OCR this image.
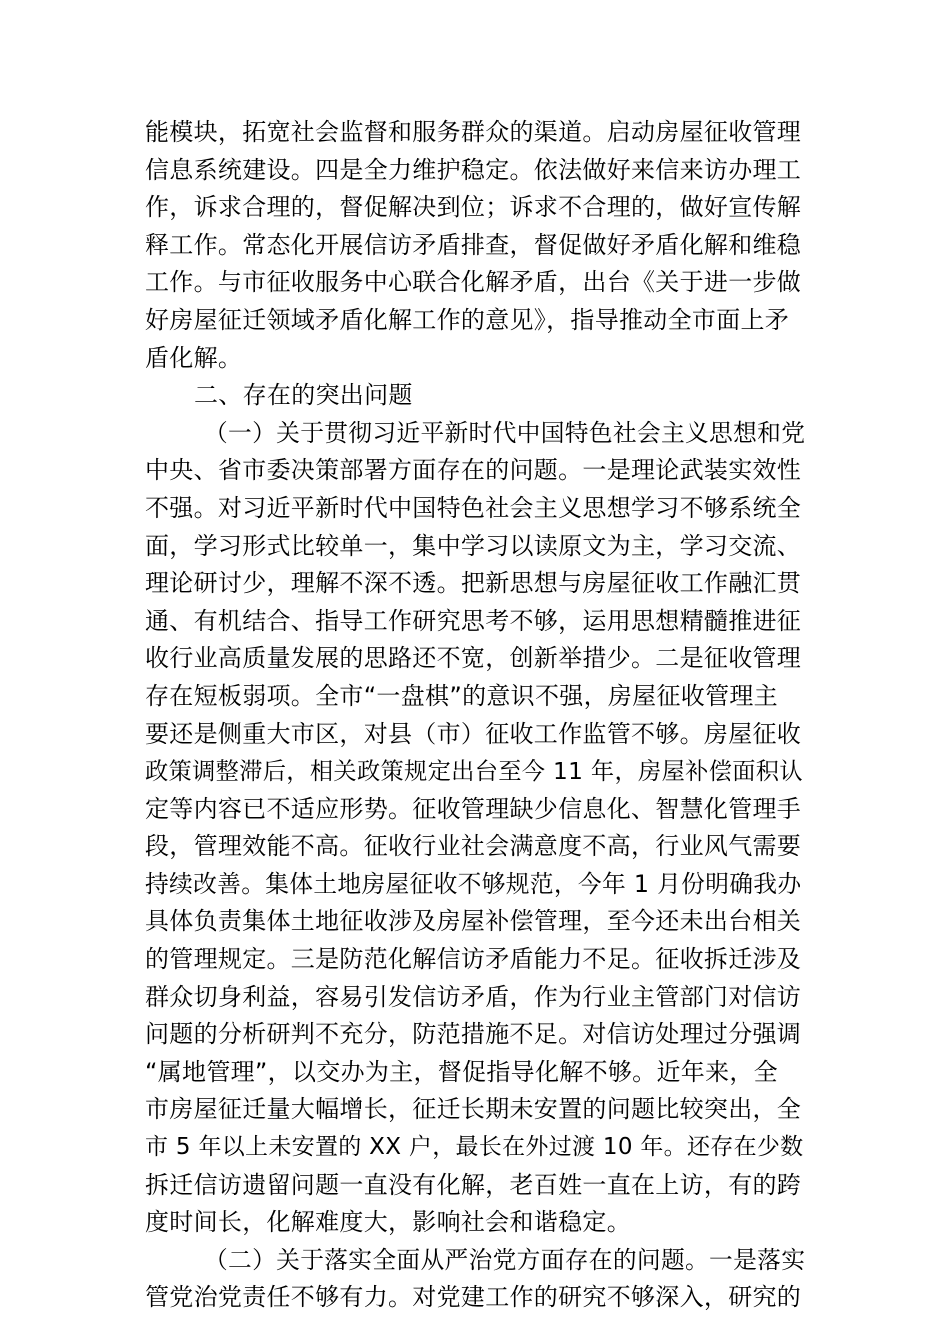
能模块，拓宽社会监督和服务群众的渠道。启动房屋征收管理
信息系统建设。四是全力维护稳定。依法做好来信来访办理工
作，诉求合理的，督促解决到位；诉求不合理的，做好宣传解
释工作。常态化开展信访矛盾排查，督促做好矛盾化解和维稳
工作。与市征收服务中心联合化解矛盾，出台《关于进一步做
好房屋征迁领域矛盾化解工作的意见》，指导推动全市面上矛
盾化解。
二、存在的突出问题
（一）关于贯彻习近平新时代中国特色社会主义思想和党
中央、省市委决策部署方面存在的问题。一是理论武装实效性
不强。对习近平新时代中国特色社会主义思想学习不够系统全
面，学习形式比较单一，集中学习以读原文为主，学习交流、
理论研讨少，理解不深不透。把新思想与房屋征收工作融汇贯
通、有机结合、指导工作研究思考不够，运用思想精髓推进征
收行业高质量发展的思路还不宽，创新举措少。二是征收管理
存在短板弱项。全市“一盘棋”的意识不强，房屋征收管理主
要还是侧重大市区，对县（市）征收工作监管不够。房屋征收
政策调整滞后，相关政策规定出台至今 11 年，房屋补偿面积认
定等内容已不适应形势。征收管理缺少信息化、智慧化管理手
段，管理效能不高。征收行业社会满意度不高，行业风气需要
持续改善。集体土地房屋征收不够规范，今年 1 月份明确我办
具体负责集体土地征收涉及房屋补偿管理，至今还未出台相关
的管理规定。三是防范化解信访矛盾能力不足。征收拆迁涉及
群众切身利益，容易引发信访矛盾，作为行业主管部门对信访
问题的分析研判不充分，防范措施不足。对信访处理过分强调
“属地管理”，以交办为主，督促指导化解不够。近年来，全
市房屋征迁量大幅增长，征迁长期未安置的问题比较突出，全
市 5 年以上未安置的 XX 户，最长在外过渡 10 年。还存在少数
拆迁信访遗留问题一直没有化解，老百姓一直在上访，有的跨
度时间长，化解难度大，影响社会和谐稳定。
（二）关于落实全面从严治党方面存在的问题。一是落实
管党治党责任不够有力。对党建工作的研究不够深入，研究的
